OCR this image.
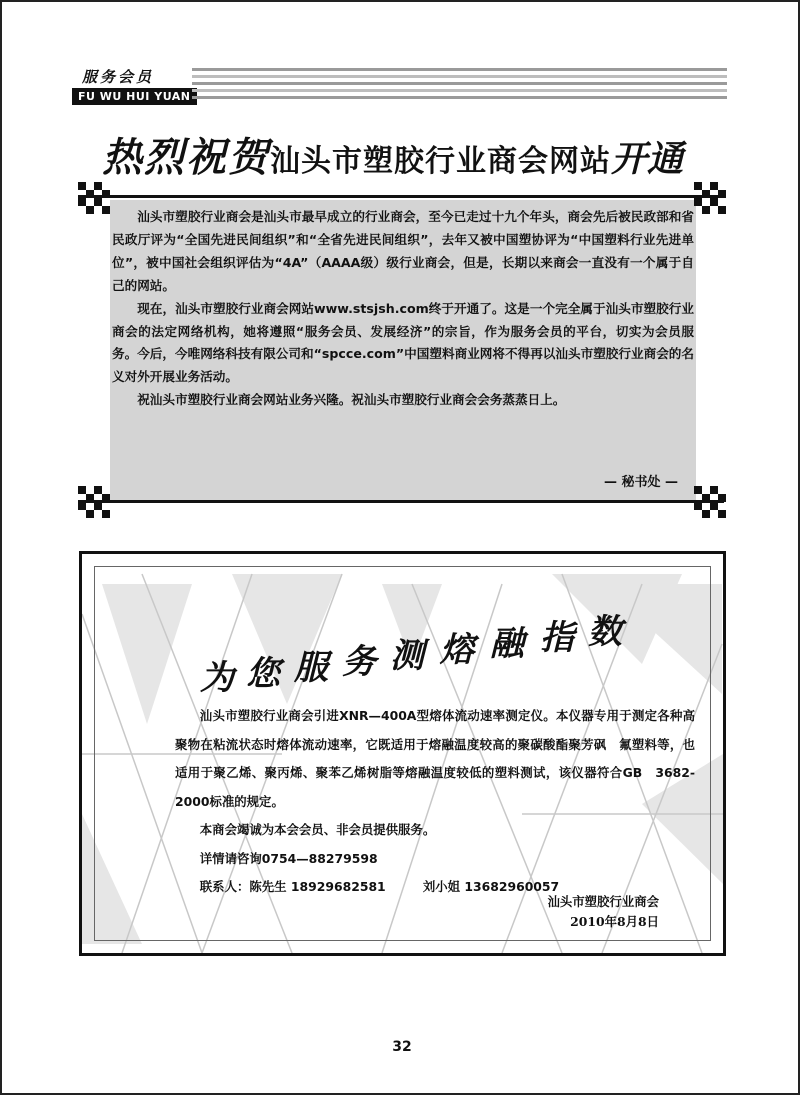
服务会员
FU WU HUI YUAN
热烈祝贺汕头市塑胶行业商会网站开通

汕头市塑胶行业商会是汕头市最早成立的行业商会，至今已走过十九个年头，商会先后被民政部和省民政厅评为“全国先进民间组织”和“全省先进民间组织”，去年又被中国塑协评为“中国塑料行业先进单位”，被中国社会组织评估为“4A”（AAAA级）级行业商会，但是，长期以来商会一直没有一个属于自己的网站。

现在，汕头市塑胶行业商会网站www.stsjsh.com终于开通了。这是一个完全属于汕头市塑胶行业商会的法定网络机构，她将遵照“服务会员、发展经济”的宗旨，作为服务会员的平台，切实为会员服务。今后，今唯网络科技有限公司和“spcce.com”中国塑料商业网将不得再以汕头市塑胶行业商会的名义对外开展业务活动。

祝汕头市塑胶行业商会网站业务兴隆。祝汕头市塑胶行业商会会务蒸蒸日上。

— 秘书处 —
为 您 服 务 测 熔 融 指 数

汕头市塑胶行业商会引进XNR—400A型熔体流动速率测定仪。本仪器专用于测定各种高聚物在粘流状态时熔体流动速率，它既适用于熔融温度较高的聚碳酸酯聚芳砜　氟塑料等，也适用于聚乙烯、聚丙烯、聚苯乙烯树脂等熔融温度较低的塑料测试，该仪器符合GB　3682-2000标准的规定。

本商会竭诚为本会会员、非会员提供服务。

详情请咨询0754—88279598

联系人：陈先生 18929682581　　　刘小姐 13682960057

汕头市塑胶行业商会
2010年8月8日
32
